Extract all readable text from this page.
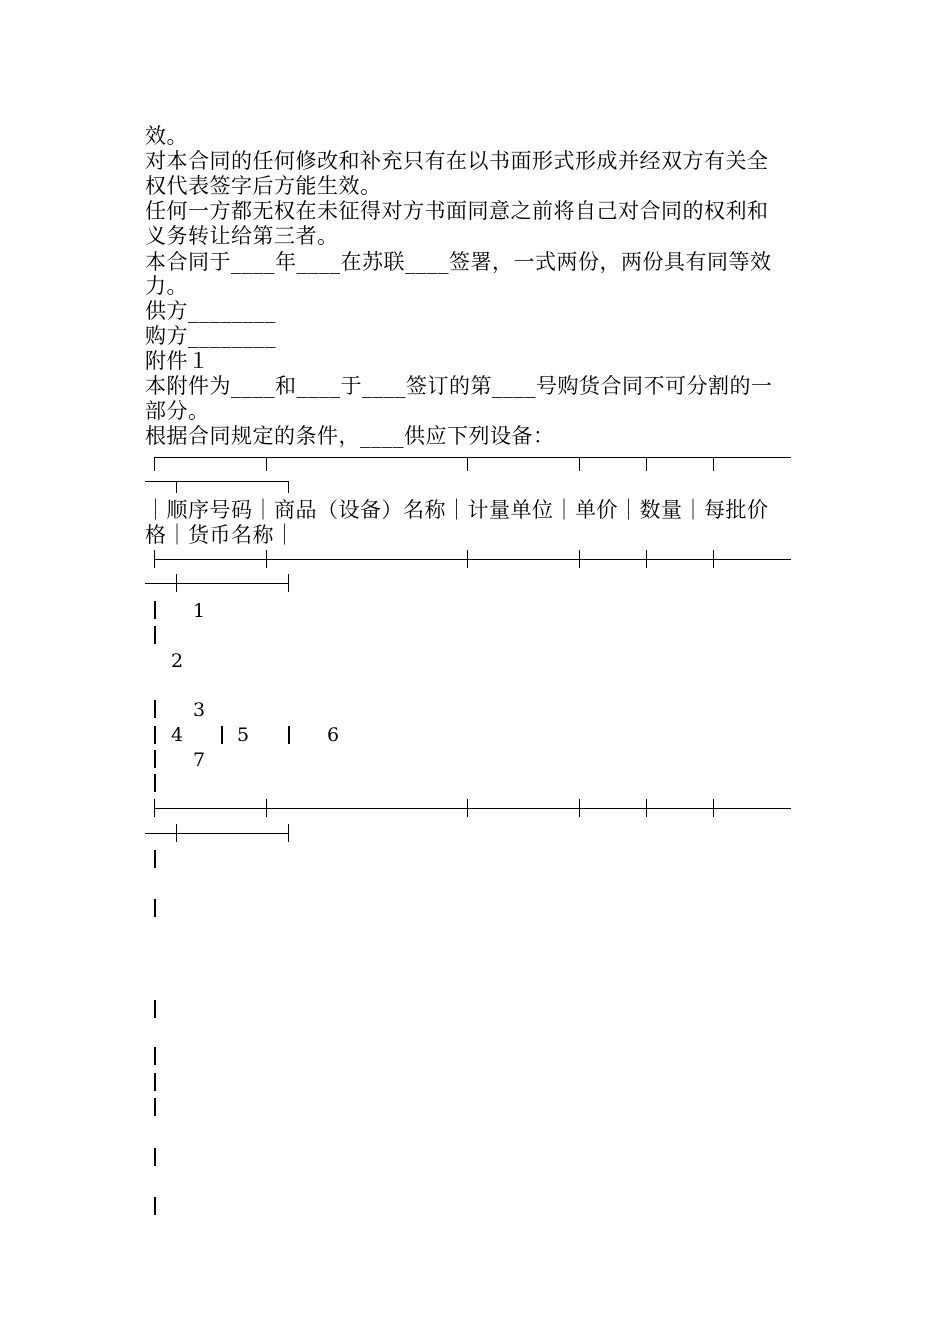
效。
对本合同的任何修改和补充只有在以书面形式形成并经双方有关全
权代表签字后方能生效。
任何一方都无权在未征得对方书面同意之前将自己对合同的权利和
义务转让给第三者。
本合同于____年____在苏联____签署，一式两份，两份具有同等效
力。
供方________
购方________
附件１
本附件为____和____于____签订的第____号购货合同不可分割的一
部分。
根据合同规定的条件，____供应下列设备：
｜顺序号码｜商品（设备）名称｜计量单位｜单价｜数量｜每批价
格｜货币名称｜
1
2
3
4	5	6
7
